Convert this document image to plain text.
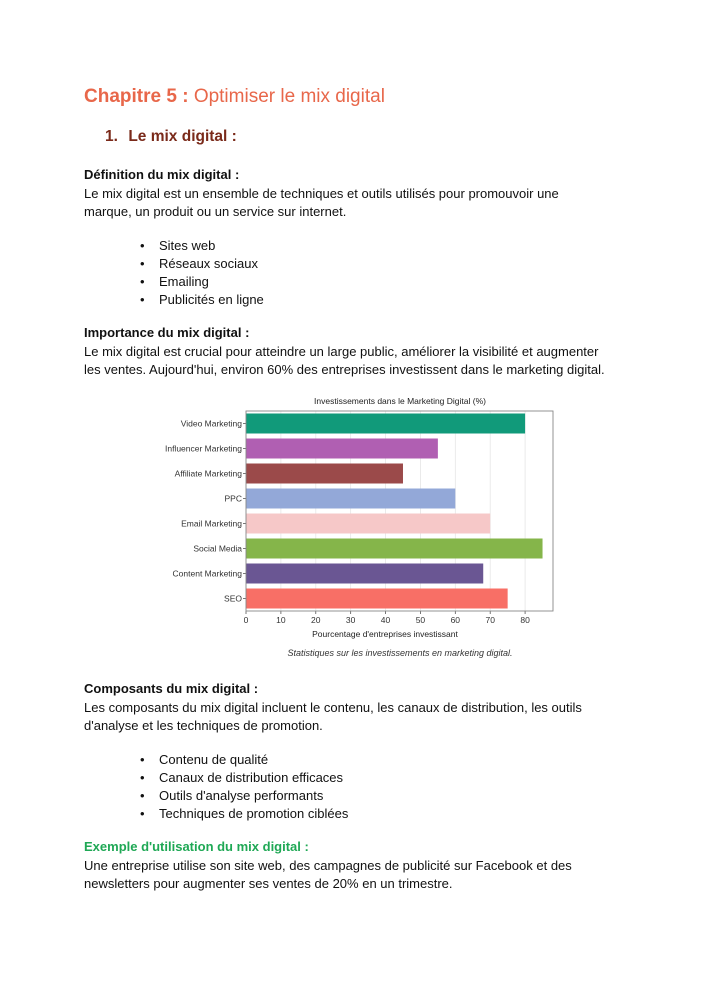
Chapitre 5 : Optimiser le mix digital
1. Le mix digital :
Définition du mix digital :
Le mix digital est un ensemble de techniques et outils utilisés pour promouvoir une
marque, un produit ou un service sur internet.
• Sites web
• Réseaux sociaux
• Emailing
• Publicités en ligne
Importance du mix digital :
Le mix digital est crucial pour atteindre un large public, améliorer la visibilité et augmenter
les ventes. Aujourd'hui, environ 60% des entreprises investissent dans le marketing digital.
Investissements dans le Marketing Digital (%)
Pourcentage d'entreprises investissant
0	10	20	30	40	50	60	70	80
Video Marketing
Influencer Marketing
Affiliate Marketing
PPC
Email Marketing
Social Media
Content Marketing
SEO
Statistiques sur les investissements en marketing digital.
Composants du mix digital :
Les composants du mix digital incluent le contenu, les canaux de distribution, les outils
d'analyse et les techniques de promotion.
• Contenu de qualité
• Canaux de distribution efficaces
• Outils d'analyse performants
• Techniques de promotion ciblées
Exemple d'utilisation du mix digital :
Une entreprise utilise son site web, des campagnes de publicité sur Facebook et des
newsletters pour augmenter ses ventes de 20% en un trimestre.
